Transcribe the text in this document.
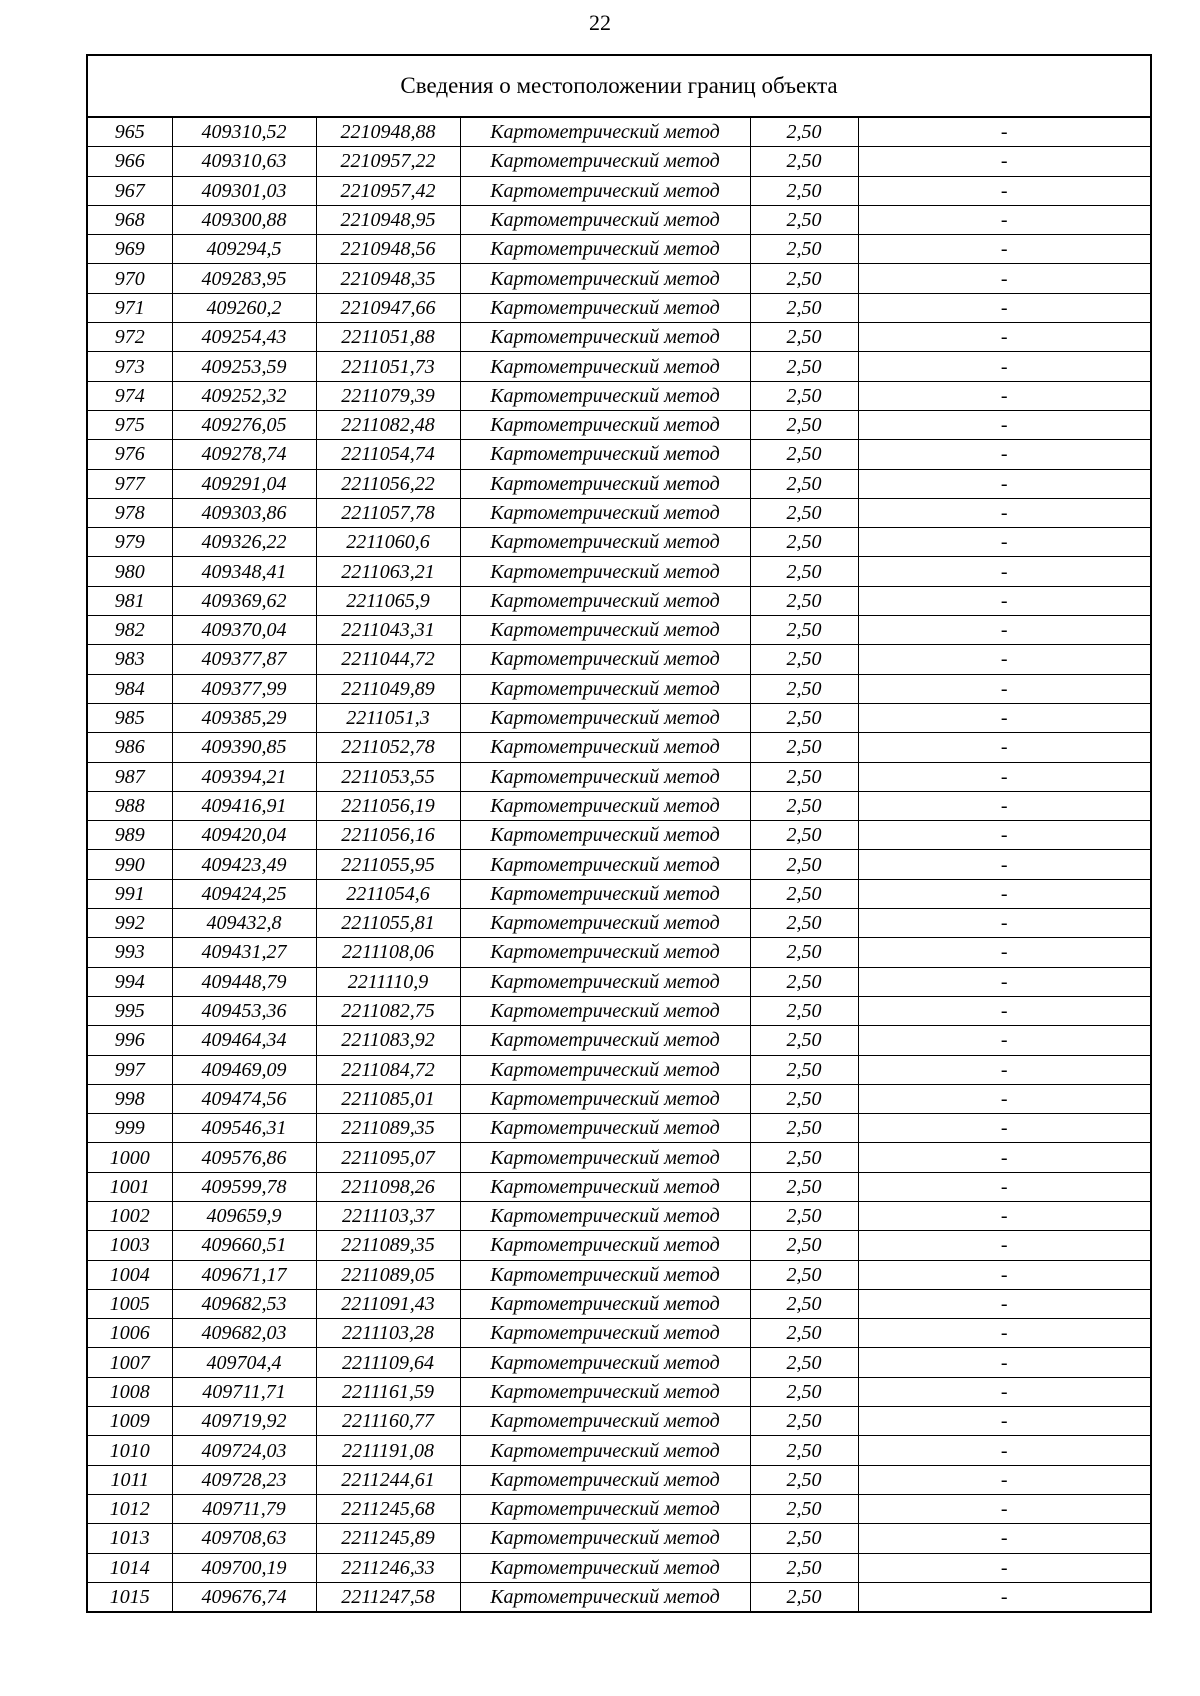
22
Сведения о местоположении границ объекта
965	409310,52	2210948,88	Картометрический метод	2,50	-
966	409310,63	2210957,22	Картометрический метод	2,50	-
967	409301,03	2210957,42	Картометрический метод	2,50	-
968	409300,88	2210948,95	Картометрический метод	2,50	-
969	409294,5	2210948,56	Картометрический метод	2,50	-
970	409283,95	2210948,35	Картометрический метод	2,50	-
971	409260,2	2210947,66	Картометрический метод	2,50	-
972	409254,43	2211051,88	Картометрический метод	2,50	-
973	409253,59	2211051,73	Картометрический метод	2,50	-
974	409252,32	2211079,39	Картометрический метод	2,50	-
975	409276,05	2211082,48	Картометрический метод	2,50	-
976	409278,74	2211054,74	Картометрический метод	2,50	-
977	409291,04	2211056,22	Картометрический метод	2,50	-
978	409303,86	2211057,78	Картометрический метод	2,50	-
979	409326,22	2211060,6	Картометрический метод	2,50	-
980	409348,41	2211063,21	Картометрический метод	2,50	-
981	409369,62	2211065,9	Картометрический метод	2,50	-
982	409370,04	2211043,31	Картометрический метод	2,50	-
983	409377,87	2211044,72	Картометрический метод	2,50	-
984	409377,99	2211049,89	Картометрический метод	2,50	-
985	409385,29	2211051,3	Картометрический метод	2,50	-
986	409390,85	2211052,78	Картометрический метод	2,50	-
987	409394,21	2211053,55	Картометрический метод	2,50	-
988	409416,91	2211056,19	Картометрический метод	2,50	-
989	409420,04	2211056,16	Картометрический метод	2,50	-
990	409423,49	2211055,95	Картометрический метод	2,50	-
991	409424,25	2211054,6	Картометрический метод	2,50	-
992	409432,8	2211055,81	Картометрический метод	2,50	-
993	409431,27	2211108,06	Картометрический метод	2,50	-
994	409448,79	2211110,9	Картометрический метод	2,50	-
995	409453,36	2211082,75	Картометрический метод	2,50	-
996	409464,34	2211083,92	Картометрический метод	2,50	-
997	409469,09	2211084,72	Картометрический метод	2,50	-
998	409474,56	2211085,01	Картометрический метод	2,50	-
999	409546,31	2211089,35	Картометрический метод	2,50	-
1000	409576,86	2211095,07	Картометрический метод	2,50	-
1001	409599,78	2211098,26	Картометрический метод	2,50	-
1002	409659,9	2211103,37	Картометрический метод	2,50	-
1003	409660,51	2211089,35	Картометрический метод	2,50	-
1004	409671,17	2211089,05	Картометрический метод	2,50	-
1005	409682,53	2211091,43	Картометрический метод	2,50	-
1006	409682,03	2211103,28	Картометрический метод	2,50	-
1007	409704,4	2211109,64	Картометрический метод	2,50	-
1008	409711,71	2211161,59	Картометрический метод	2,50	-
1009	409719,92	2211160,77	Картометрический метод	2,50	-
1010	409724,03	2211191,08	Картометрический метод	2,50	-
1011	409728,23	2211244,61	Картометрический метод	2,50	-
1012	409711,79	2211245,68	Картометрический метод	2,50	-
1013	409708,63	2211245,89	Картометрический метод	2,50	-
1014	409700,19	2211246,33	Картометрический метод	2,50	-
1015	409676,74	2211247,58	Картометрический метод	2,50	-
